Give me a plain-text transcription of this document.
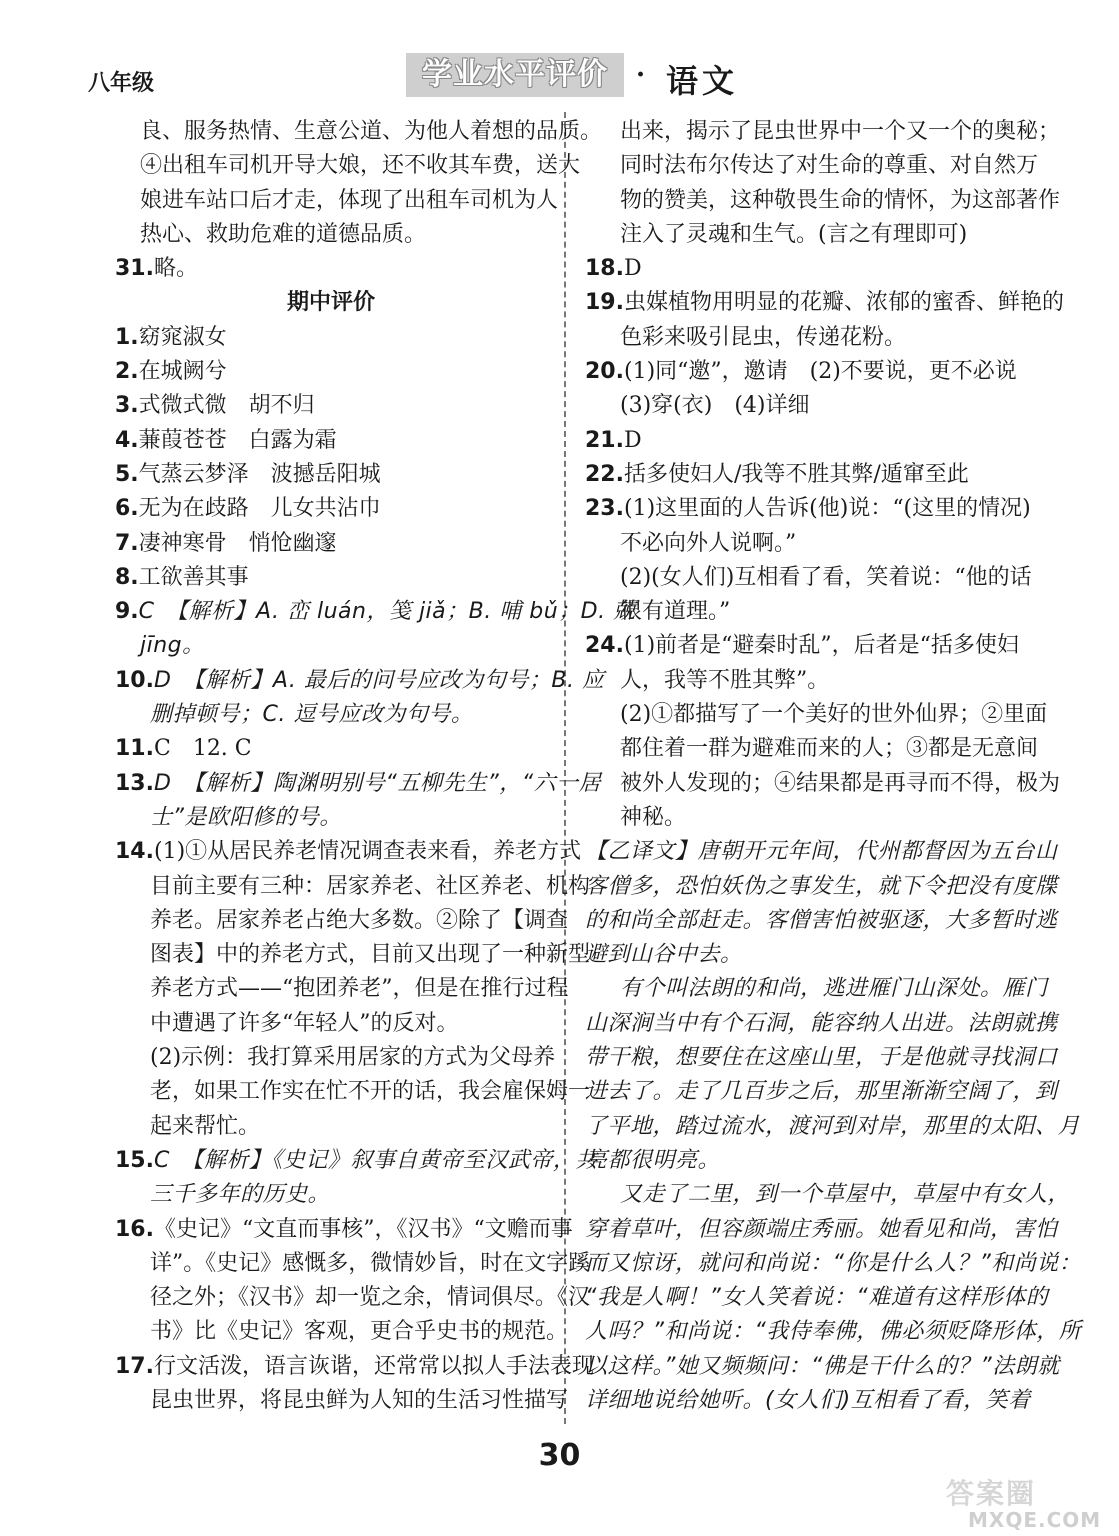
八年级	学业水平评价	· 语文
良、服务热情、生意公道、为他人着想的品质。
④出租车司机开导大娘，还不收其车费，送大
娘进车站口后才走，体现了出租车司机为人
热心、救助危难的道德品质。
31.略。
期中评价
1.窈窕淑女
2.在城阙兮
3.式微式微　胡不归
4.蒹葭苍苍　白露为霜
5.气蒸云梦泽　波撼岳阳城
6.无为在歧路　儿女共沾巾
7.凄神寒骨　悄怆幽邃
8.工欲善其事
9.C　【解析】A. 峦 luán，笺 jiǎ；B. 哺 bǔ；D. 兢
jīng。
10.D　【解析】A. 最后的问号应改为句号；B. 应
删掉顿号；C. 逗号应改为句号。
11.C　12. C
13.D　【解析】陶渊明别号“五柳先生”，“六一居
士”是欧阳修的号。
14.(1)①从居民养老情况调查表来看，养老方式
目前主要有三种：居家养老、社区养老、机构
养老。居家养老占绝大多数。②除了【调查
图表】中的养老方式，目前又出现了一种新型
养老方式——“抱团养老”，但是在推行过程
中遭遇了许多“年轻人”的反对。
(2)示例：我打算采用居家的方式为父母养
老，如果工作实在忙不开的话，我会雇保姆一
起来帮忙。
15.C　【解析】《史记》叙事自黄帝至汉武帝，共
三千多年的历史。
16.《史记》“文直而事核”，《汉书》“文赡而事
详”。《史记》感慨多，微情妙旨，时在文字蹊
径之外；《汉书》却一览之余，情词俱尽。《汉
书》比《史记》客观，更合乎史书的规范。
17.行文活泼，语言诙谐，还常常以拟人手法表现
昆虫世界，将昆虫鲜为人知的生活习性描写
出来，揭示了昆虫世界中一个又一个的奥秘；
同时法布尔传达了对生命的尊重、对自然万
物的赞美，这种敬畏生命的情怀，为这部著作
注入了灵魂和生气。(言之有理即可)
18.D
19.虫媒植物用明显的花瓣、浓郁的蜜香、鲜艳的
色彩来吸引昆虫，传递花粉。
20.(1)同“邀”，邀请　(2)不要说，更不必说
(3)穿(衣)　(4)详细
21.D
22.括多使妇人/我等不胜其弊/遁窜至此
23.(1)这里面的人告诉(他)说：“(这里的情况)
不必向外人说啊。”
(2)(女人们)互相看了看，笑着说：“他的话
很有道理。”
24.(1)前者是“避秦时乱”，后者是“括多使妇
人，我等不胜其弊”。
(2)①都描写了一个美好的世外仙界；②里面
都住着一群为避难而来的人；③都是无意间
被外人发现的；④结果都是再寻而不得，极为
神秘。
【乙译文】唐朝开元年间，代州都督因为五台山
客僧多，恐怕妖伪之事发生，就下令把没有度牒
的和尚全部赶走。客僧害怕被驱逐，大多暂时逃
避到山谷中去。
有个叫法朗的和尚，逃进雁门山深处。雁门
山深涧当中有个石洞，能容纳人出进。法朗就携
带干粮，想要住在这座山里，于是他就寻找洞口
进去了。走了几百步之后，那里渐渐空阔了，到
了平地，踏过流水，渡河到对岸，那里的太阳、月
亮都很明亮。
又走了二里，到一个草屋中，草屋中有女人，
穿着草叶，但容颜端庄秀丽。她看见和尚，害怕
而又惊讶，就问和尚说：“你是什么人？”和尚说：
“我是人啊！”女人笑着说：“难道有这样形体的
人吗？”和尚说：“我侍奉佛，佛必须贬降形体，所
以这样。”她又频频问：“佛是干什么的？”法朗就
详细地说给她听。(女人们)互相看了看，笑着
30
答案圈
MXQE.COM
